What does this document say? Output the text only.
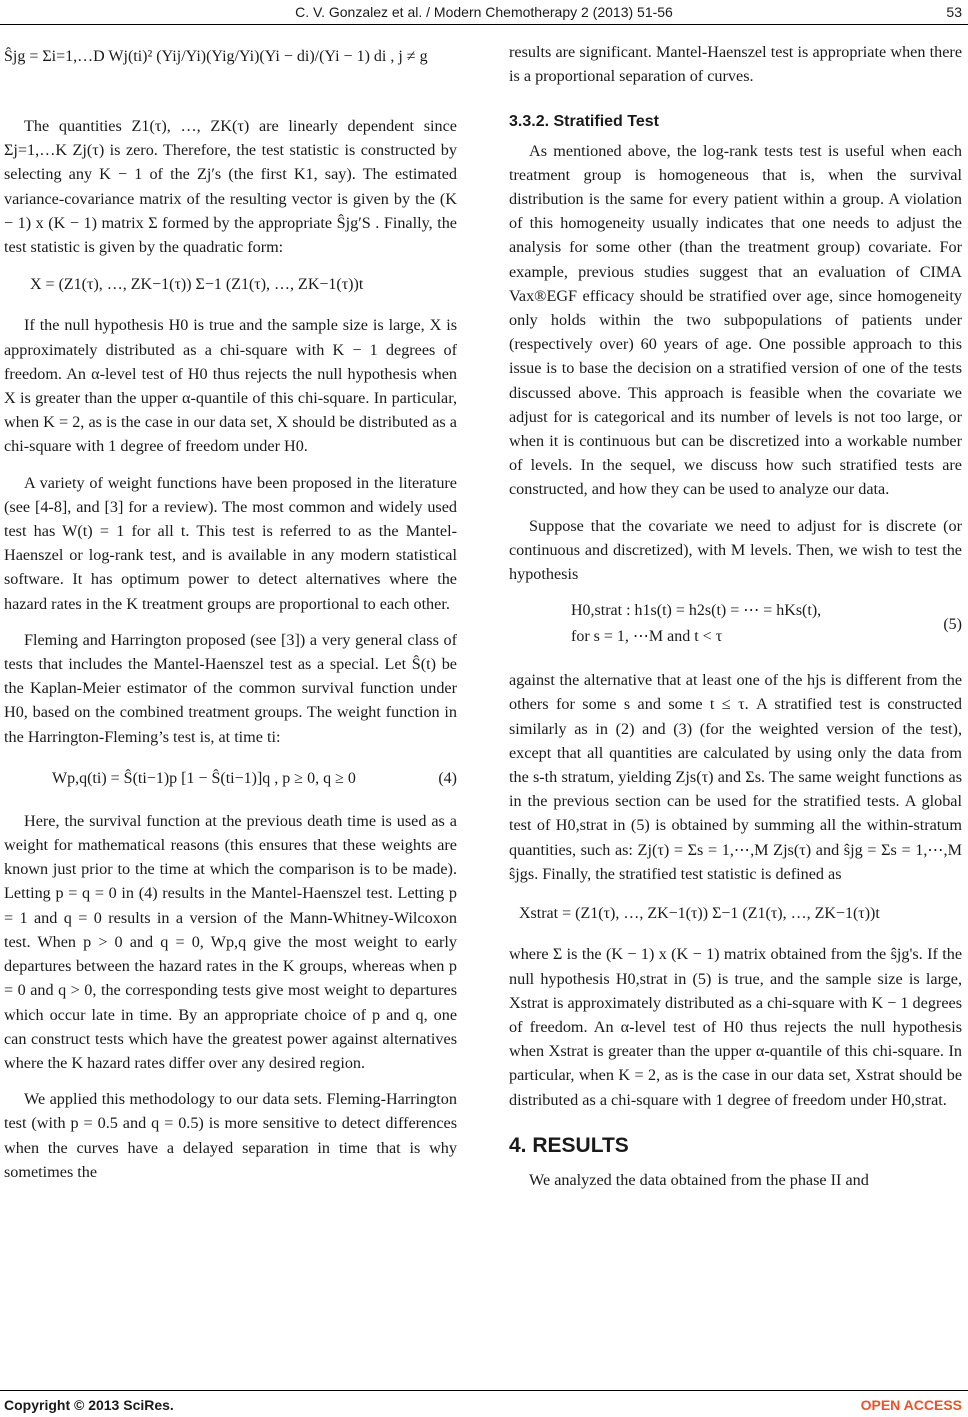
C. V. Gonzalez et al. / Modern Chemotherapy 2 (2013) 51-56	53
Ŝjg = Σi=1,…D Wj(ti)² (Yij/Yi)(Yig/Yi)(Yi − di)/(Yi − 1) di , j ≠ g

The quantities Z1(τ), …, ZK(τ) are linearly dependent since Σj=1,…K Zj(τ) is zero. Therefore, the test statistic is constructed by selecting any K − 1 of the Zj′s (the first K1, say). The estimated variance-covariance matrix of the resulting vector is given by the (K − 1) x (K − 1) matrix Σ formed by the appropriate Ŝjg′S . Finally, the test statistic is given by the quadratic form:

X = (Z1(τ), …, ZK−1(τ)) Σ−1 (Z1(τ), …, ZK−1(τ))t

If the null hypothesis H0 is true and the sample size is large, X is approximately distributed as a chi-square with K − 1 degrees of freedom. An α-level test of H0 thus rejects the null hypothesis when X is greater than the upper α-quantile of this chi-square. In particular, when K = 2, as is the case in our data set, X should be distributed as a chi-square with 1 degree of freedom under H0.

A variety of weight functions have been proposed in the literature (see [4-8], and [3] for a review). The most common and widely used test has W(t) = 1 for all t. This test is referred to as the Mantel-Haenszel or log-rank test, and is available in any modern statistical software. It has optimum power to detect alternatives where the hazard rates in the K treatment groups are proportional to each other.

Fleming and Harrington proposed (see [3]) a very general class of tests that includes the Mantel-Haenszel test as a special. Let Ŝ(t) be the Kaplan-Meier estimator of the common survival function under H0, based on the combined treatment groups. The weight function in the Harrington-Fleming’s test is, at time ti:

Wp,q(ti) = Ŝ(ti−1)p [1 − Ŝ(ti−1)]q , p ≥ 0, q ≥ 0	(4)

Here, the survival function at the previous death time is used as a weight for mathematical reasons (this ensures that these weights are known just prior to the time at which the comparison is to be made). Letting p = q = 0 in (4) results in the Mantel-Haenszel test. Letting p = 1 and q = 0 results in a version of the Mann-Whitney-Wilcoxon test. When p > 0 and q = 0, Wp,q give the most weight to early departures between the hazard rates in the K groups, whereas when p = 0 and q > 0, the corresponding tests give most weight to departures which occur late in time. By an appropriate choice of p and q, one can construct tests which have the greatest power against alternatives where the K hazard rates differ over any desired region.

We applied this methodology to our data sets. Fleming-Harrington test (with p = 0.5 and q = 0.5) is more sensitive to detect differences when the curves have a delayed separation in time that is why sometimes the

results are significant. Mantel-Haenszel test is appropriate when there is a proportional separation of curves.

3.3.2. Stratified Test

As mentioned above, the log-rank tests test is useful when each treatment group is homogeneous that is, when the survival distribution is the same for every patient within a group. A violation of this homogeneity usually indicates that one needs to adjust the analysis for some other (than the treatment group) covariate. For example, previous studies suggest that an evaluation of CIMA Vax®EGF efficacy should be stratified over age, since homogeneity only holds within the two subpopulations of patients under (respectively over) 60 years of age. One possible approach to this issue is to base the decision on a stratified version of one of the tests discussed above. This approach is feasible when the covariate we adjust for is categorical and its number of levels is not too large, or when it is continuous but can be discretized into a workable number of levels. In the sequel, we discuss how such stratified tests are constructed, and how they can be used to analyze our data.

Suppose that the covariate we need to adjust for is discrete (or continuous and discretized), with M levels. Then, we wish to test the hypothesis

H0,strat : h1s(t) = h2s(t) = ⋯ = hKs(t),
for s = 1, ⋯M and t < τ
(5)

against the alternative that at least one of the hjs is different from the others for some s and some t ≤ τ. A stratified test is constructed similarly as in (2) and (3) (for the weighted version of the test), except that all quantities are calculated by using only the data from the s-th stratum, yielding Zjs(τ) and Σs. The same weight functions as in the previous section can be used for the stratified tests. A global test of H0,strat in (5) is obtained by summing all the within-stratum quantities, such as: Zj(τ) = Σs = 1,⋯,M Zjs(τ) and ŝjg = Σs = 1,⋯,M ŝjgs. Finally, the stratified test statistic is defined as

Xstrat = (Z1(τ), …, ZK−1(τ)) Σ−1 (Z1(τ), …, ZK−1(τ))t

where Σ is the (K − 1) x (K − 1) matrix obtained from the ŝjg's. If the null hypothesis H0,strat in (5) is true, and the sample size is large, Xstrat is approximately distributed as a chi-square with K − 1 degrees of freedom. An α-level test of H0 thus rejects the null hypothesis when Xstrat is greater than the upper α-quantile of this chi-square. In particular, when K = 2, as is the case in our data set, Xstrat should be distributed as a chi-square with 1 degree of freedom under H0,strat.

4. RESULTS

We analyzed the data obtained from the phase II and

Copyright © 2013 SciRes.	OPEN ACCESS
